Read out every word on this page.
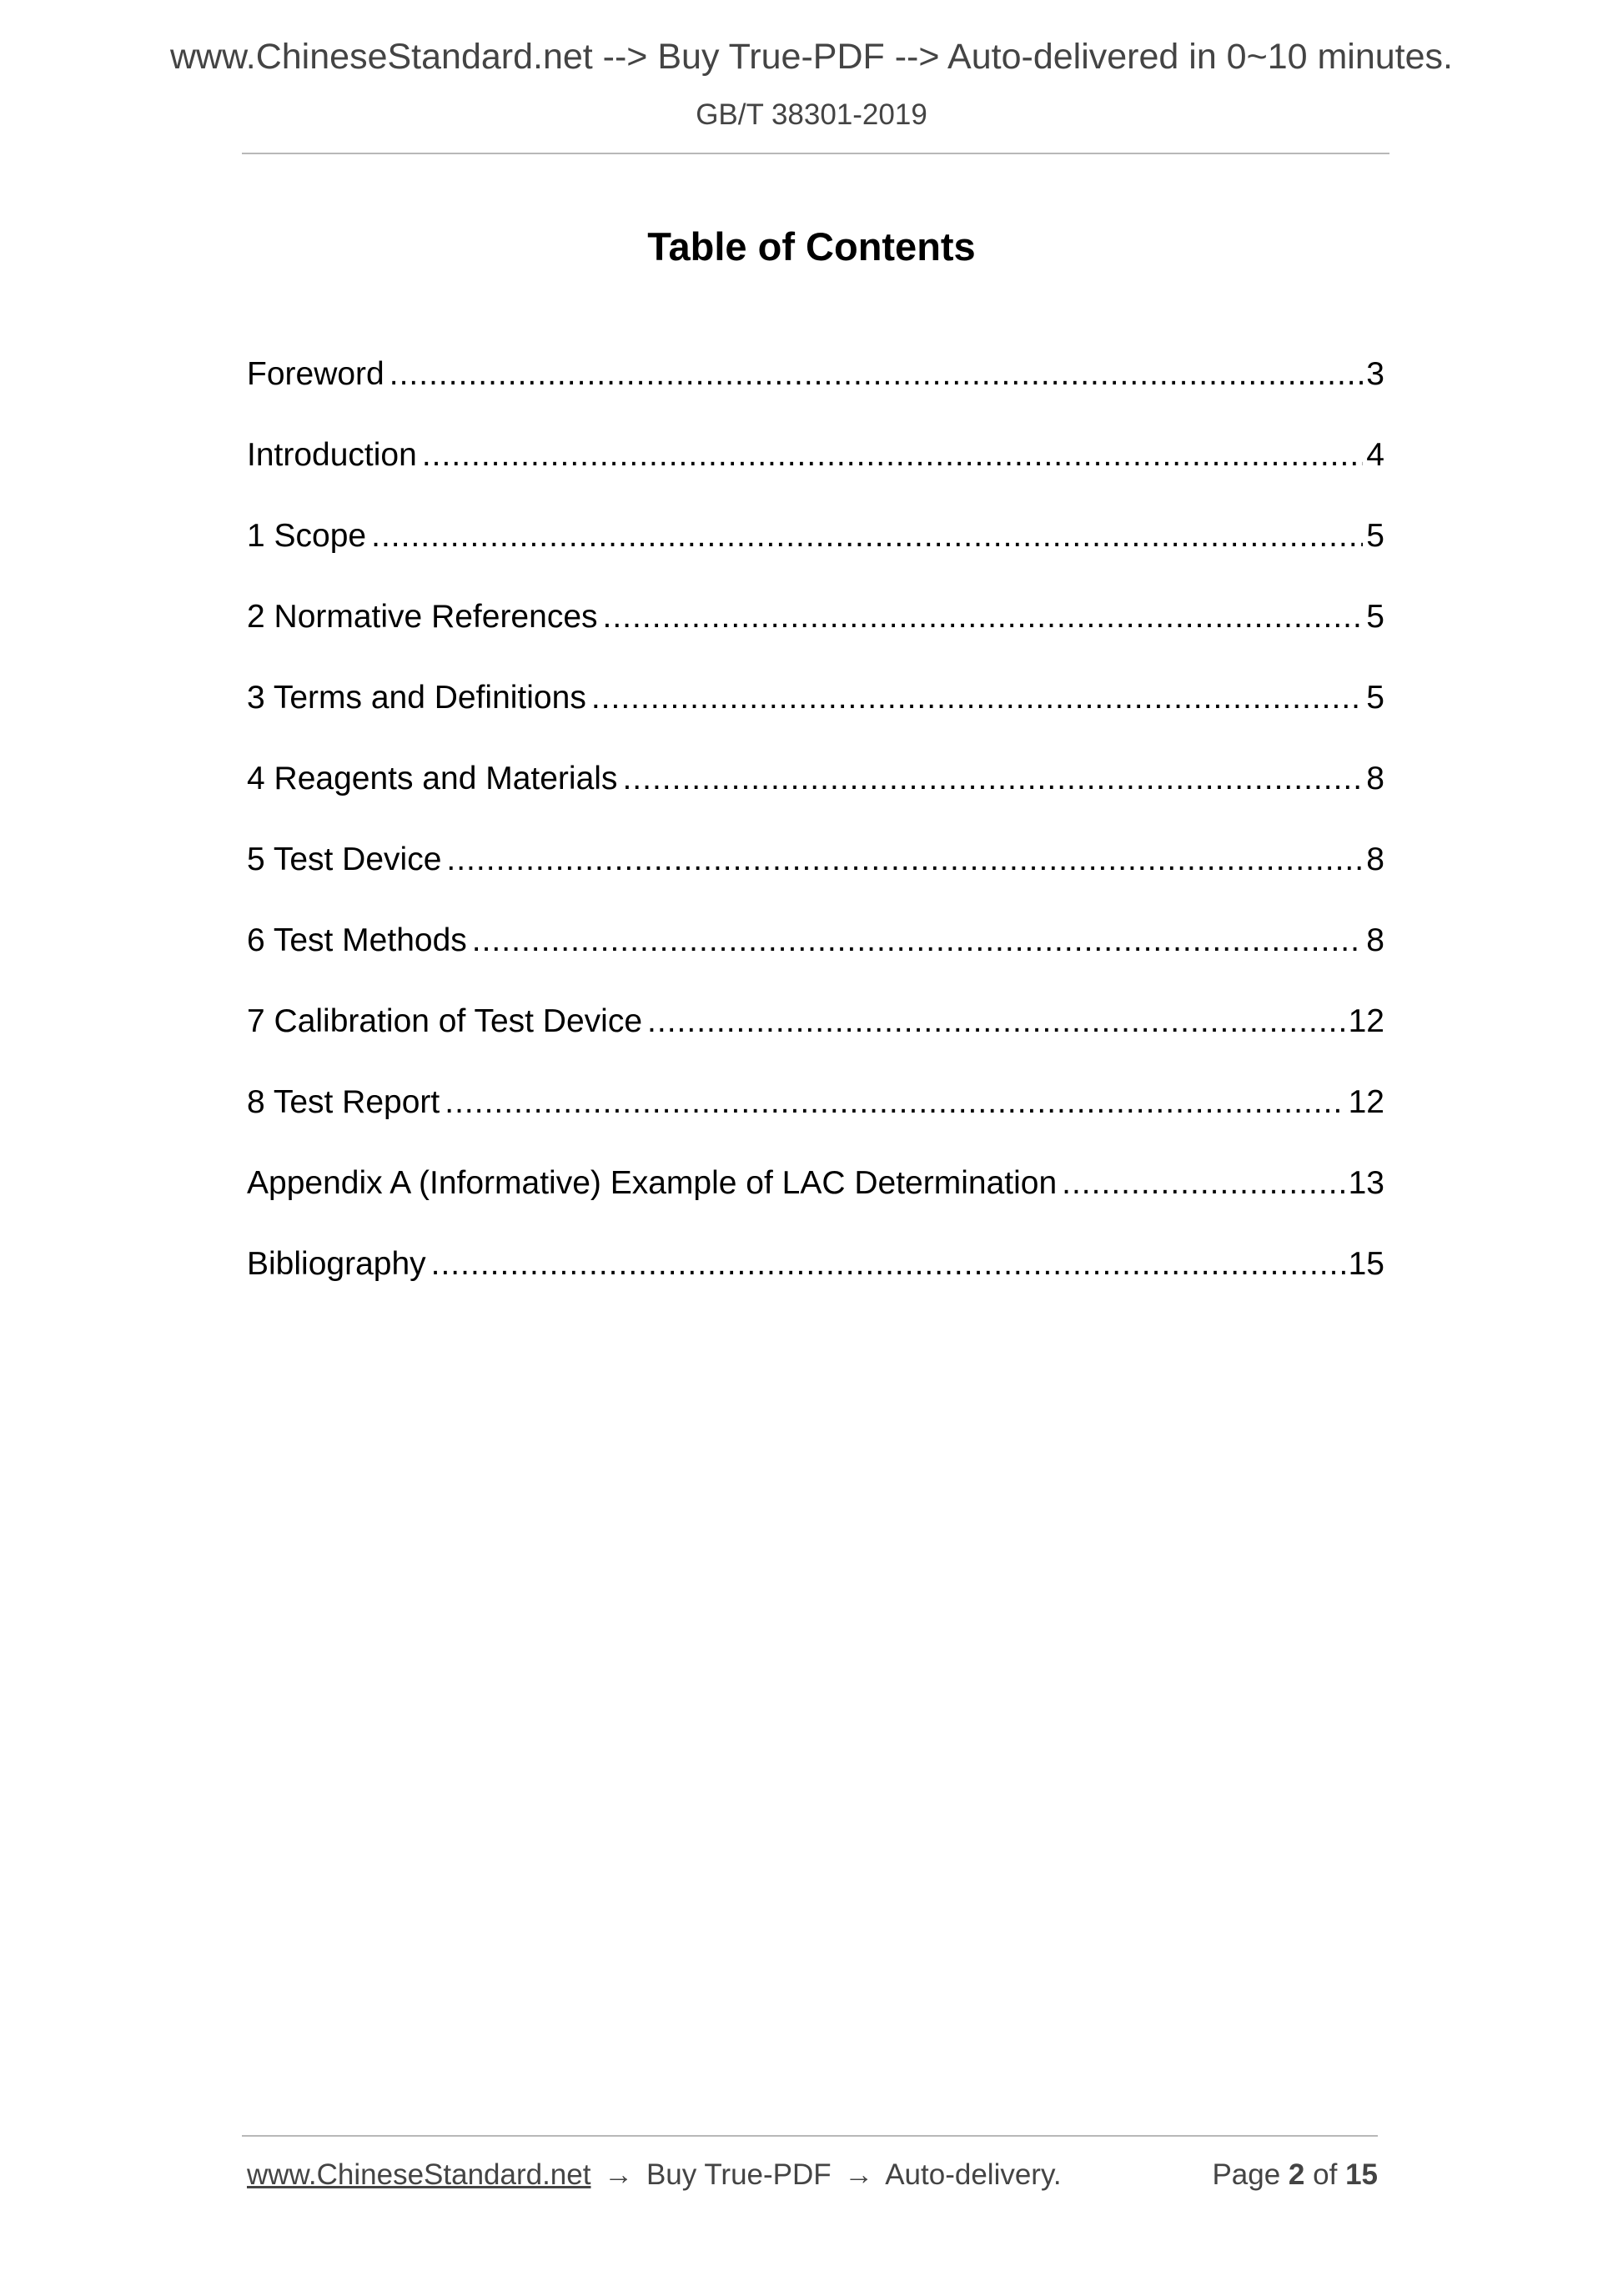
www.ChineseStandard.net --> Buy True-PDF --> Auto-delivered in 0~10 minutes.
GB/T 38301-2019
Table of Contents
Foreword .....	3
Introduction .....	4
1 Scope .....	5
2 Normative References .....	5
3 Terms and Definitions .....	5
4 Reagents and Materials .....	8
5 Test Device .....	8
6 Test Methods .....	8
7 Calibration of Test Device .....	12
8 Test Report .....	12
Appendix A (Informative) Example of LAC Determination .....	13
Bibliography .....	15
www.ChineseStandard.net → Buy True-PDF → Auto-delivery.	Page 2 of 15
